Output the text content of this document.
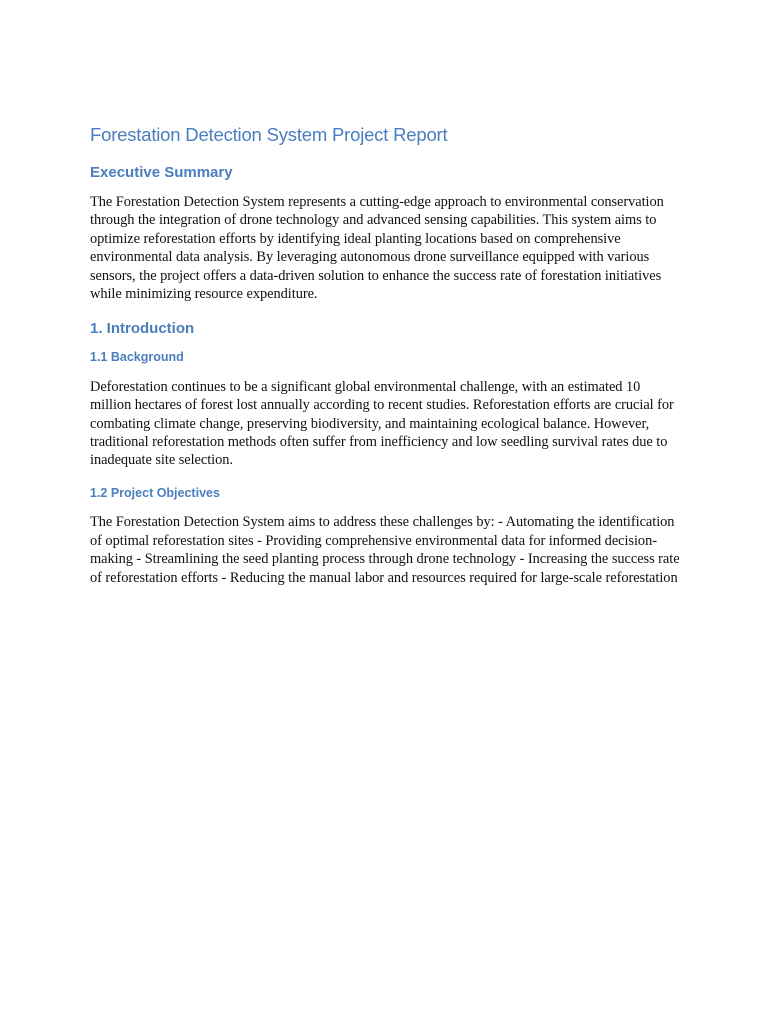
Forestation Detection System Project Report
Executive Summary

The Forestation Detection System represents a cutting-edge approach to environmental conservation through the integration of drone technology and advanced sensing capabilities. This system aims to optimize reforestation efforts by identifying ideal planting locations based on comprehensive environmental data analysis. By leveraging autonomous drone surveillance equipped with various sensors, the project offers a data-driven solution to enhance the success rate of forestation initiatives while minimizing resource expenditure.

1. Introduction
1.1 Background

Deforestation continues to be a significant global environmental challenge, with an estimated 10 million hectares of forest lost annually according to recent studies. Reforestation efforts are crucial for combating climate change, preserving biodiversity, and maintaining ecological balance. However, traditional reforestation methods often suffer from inefficiency and low seedling survival rates due to inadequate site selection.

1.2 Project Objectives

The Forestation Detection System aims to address these challenges by: - Automating the identification of optimal reforestation sites - Providing comprehensive environmental data for informed decision-making - Streamlining the seed planting process through drone technology - Increasing the success rate of reforestation efforts - Reducing the manual labor and resources required for large-scale reforestation
